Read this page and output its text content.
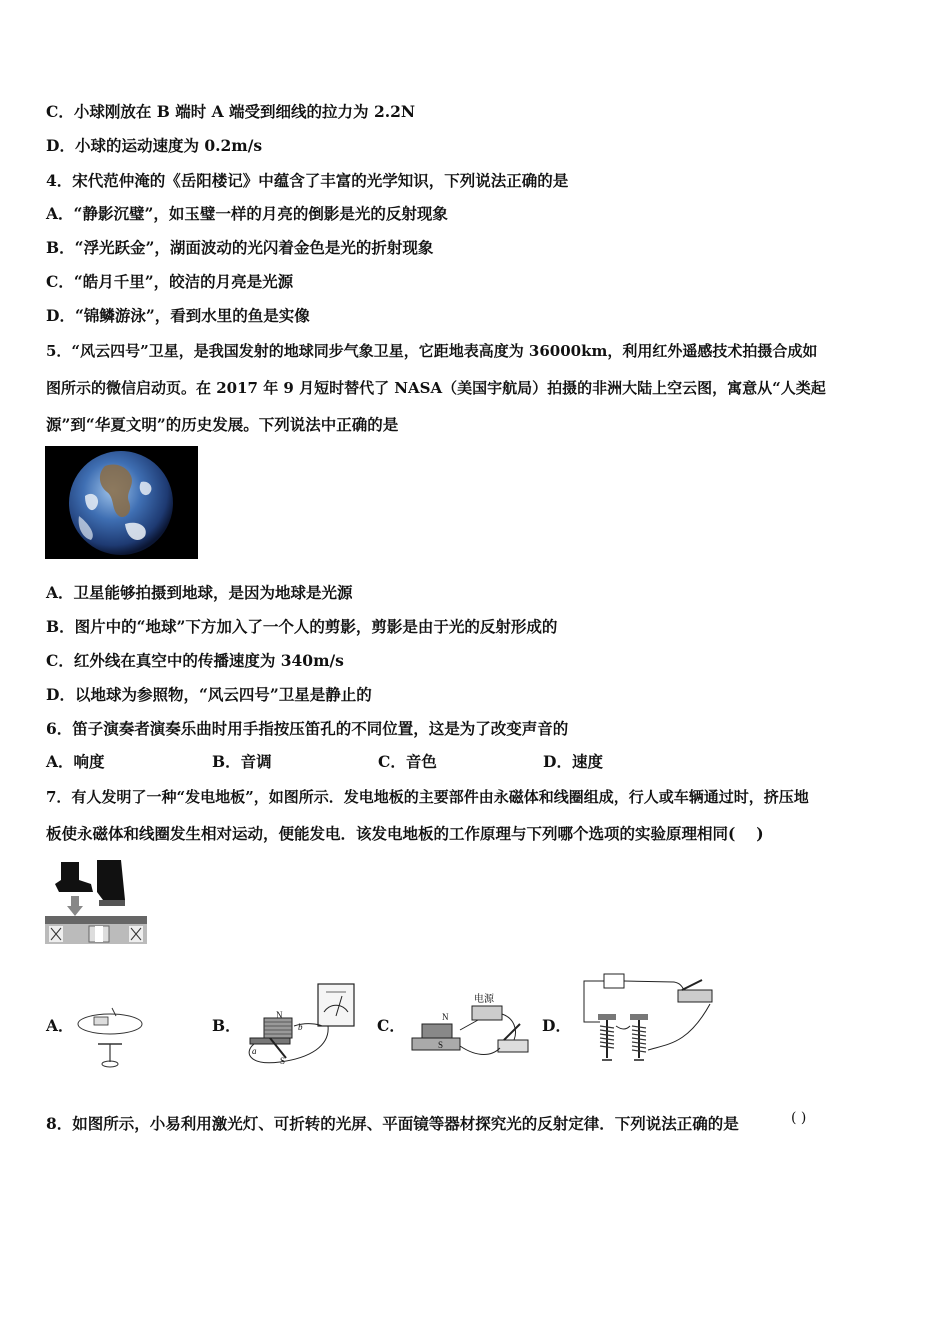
C．小球刚放在 B 端时 A 端受到细线的拉力为 2.2N
D．小球的运动速度为 0.2m/s
4．宋代范仲淹的《岳阳楼记》中蕴含了丰富的光学知识，下列说法正确的是
A．“静影沉璧”，如玉璧一样的月亮的倒影是光的反射现象
B．“浮光跃金”，湖面波动的光闪着金色是光的折射现象
C．“皓月千里”，皎洁的月亮是光源
D．“锦鳞游泳”，看到水里的鱼是实像
5．“风云四号”卫星，是我国发射的地球同步气象卫星，它距地表高度为 36000km，利用红外遥感技术拍摄合成如
图所示的微信启动页。在 2017 年 9 月短时替代了 NASA（美国宇航局）拍摄的非洲大陆上空云图，寓意从“人类起
源”到“华夏文明”的历史发展。下列说法中正确的是
A．卫星能够拍摄到地球，是因为地球是光源
B．图片中的“地球”下方加入了一个人的剪影，剪影是由于光的反射形成的
C．红外线在真空中的传播速度为 340m/s
D．以地球为参照物，“风云四号”卫星是静止的
6．笛子演奏者演奏乐曲时用手指按压笛孔的不同位置，这是为了改变声音的
A．响度	B．音调	C．音色	D．速度
7．有人发明了一种“发电地板”，如图所示．发电地板的主要部件由永磁体和线圈组成，行人或车辆通过时，挤压地
板使永磁体和线圈发生相对运动，便能发电．该发电地板的工作原理与下列哪个选项的实验原理相同(　 )
A．	B．	C．	D．
N
S
a
b
电源
N
S
8．如图所示，小易利用激光灯、可折转的光屏、平面镜等器材探究光的反射定律．下列说法正确的是	( )
